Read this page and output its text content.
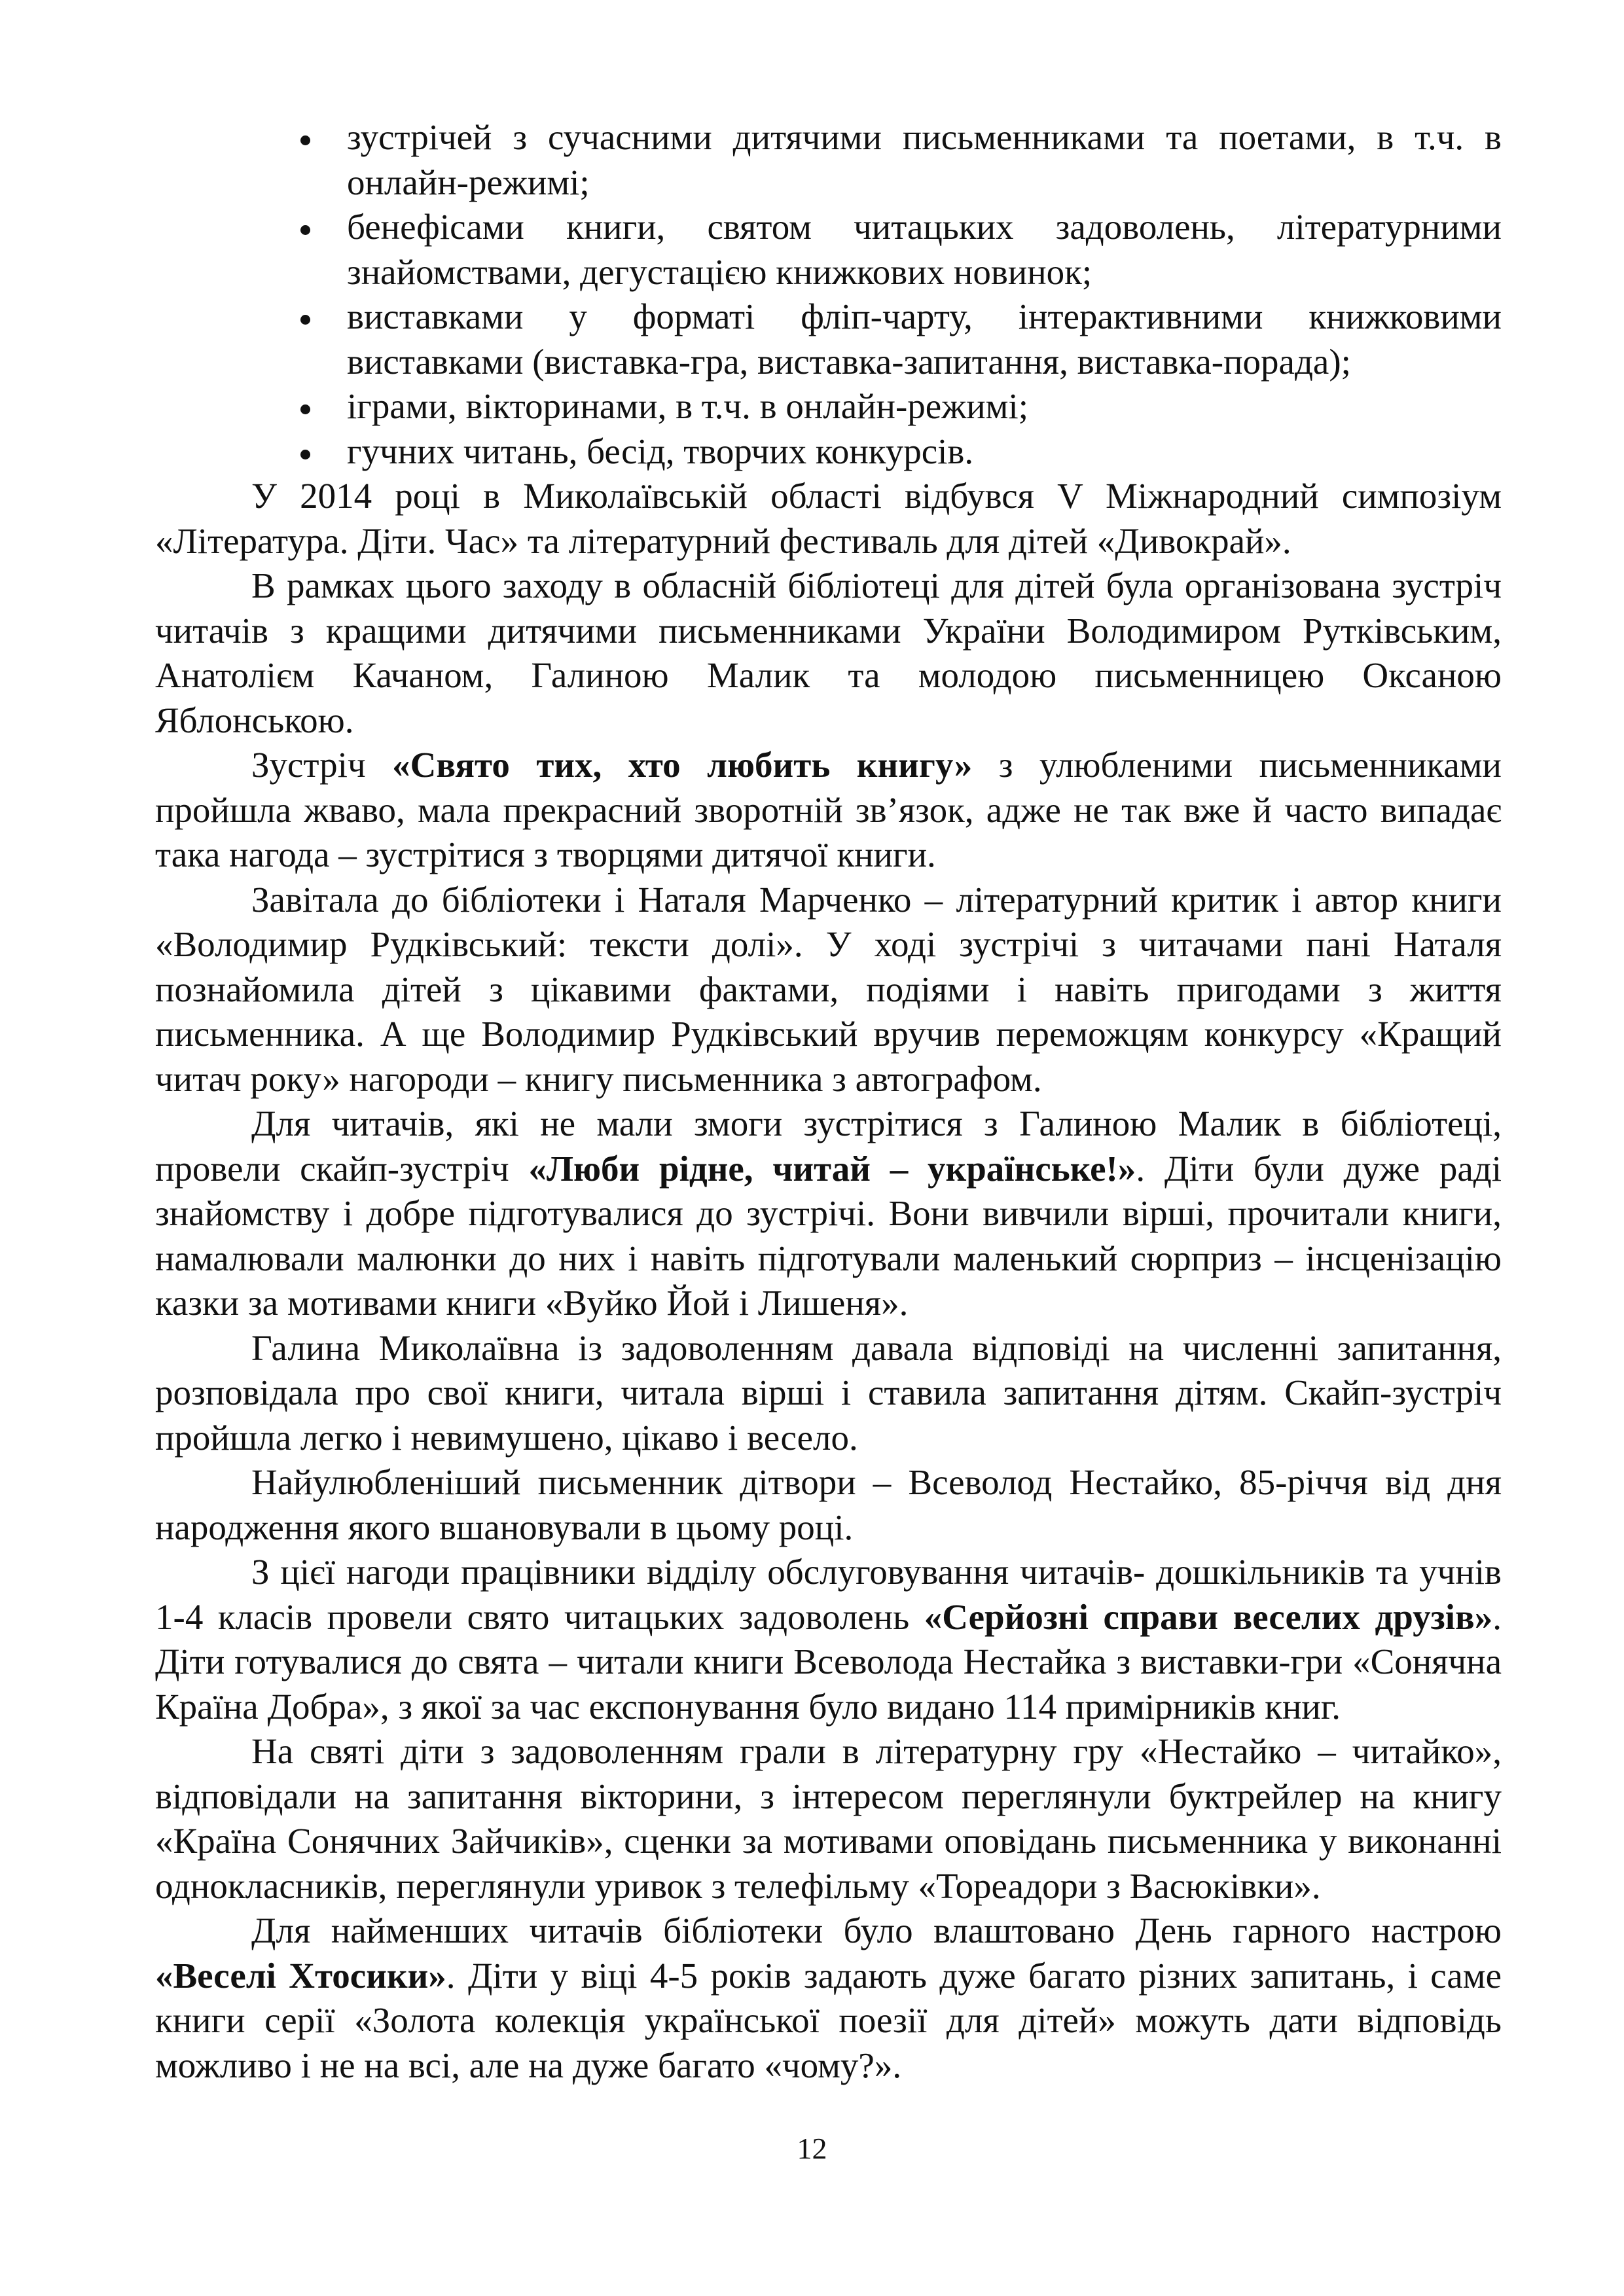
зустрічей з сучасними дитячими письменниками та поетами, в т.ч. в онлайн-режимі;
бенефісами книги, святом читацьких задоволень, літературними знайомствами, дегустацією книжкових новинок;
виставками у форматі фліп-чарту, інтерактивними книжковими виставками (виставка-гра, виставка-запитання, виставка-порада);
іграми, вікторинами, в т.ч. в онлайн-режимі;
гучних читань, бесід, творчих конкурсів.

У 2014 році в Миколаївській області відбувся V Міжнародний симпозіум «Література. Діти. Час» та літературний фестиваль для дітей «Дивокрай».

В рамках цього заходу в обласній бібліотеці для дітей була організована зустріч читачів з кращими дитячими письменниками України Володимиром Рутківським, Анатолієм Качаном, Галиною Малик та молодою письменницею Оксаною Яблонською.

Зустріч «Свято тих, хто любить книгу» з улюбленими письменниками пройшла жваво, мала прекрасний зворотній зв’язок, адже не так вже й часто випадає така нагода – зустрітися з творцями дитячої книги.

Завітала до бібліотеки і Наталя Марченко – літературний критик і автор книги «Володимир Рудківський: тексти долі». У ході зустрічі з читачами пані Наталя познайомила дітей з цікавими фактами, подіями і навіть пригодами з життя письменника. А ще Володимир Рудківський вручив переможцям конкурсу «Кращий читач року» нагороди – книгу письменника з автографом.

Для читачів, які не мали змоги зустрітися з Галиною Малик в бібліотеці, провели скайп-зустріч «Люби рідне, читай – українське!». Діти були дуже раді знайомству і добре підготувалися до зустрічі. Вони вивчили вірші, прочитали книги, намалювали малюнки до них і навіть підготували маленький сюрприз – інсценізацію казки за мотивами книги «Вуйко Йой і Лишеня».

Галина Миколаївна із задоволенням давала відповіді на численні запитання, розповідала про свої книги, читала вірші і ставила запитання дітям. Скайп-зустріч пройшла легко і невимушено, цікаво і весело.

Найулюбленіший письменник дітвори – Всеволод Нестайко, 85-річчя від дня народження якого вшановували в цьому році.

З цієї нагоди працівники відділу обслуговування читачів- дошкільників та учнів 1-4 класів провели свято читацьких задоволень «Серйозні справи веселих друзів». Діти готувалися до свята – читали книги Всеволода Нестайка з виставки-гри «Сонячна Країна Добра», з якої за час експонування було видано 114 примірників книг.

На святі діти з задоволенням грали в літературну гру «Нестайко – читайко», відповідали на запитання вікторини, з інтересом переглянули буктрейлер на книгу «Країна Сонячних Зайчиків», сценки за мотивами оповідань письменника у виконанні однокласників, переглянули уривок з телефільму «Тореадори з Васюківки».

Для найменших читачів бібліотеки було влаштовано День гарного настрою «Веселі Хтосики». Діти у віці 4-5 років задають дуже багато різних запитань, і саме книги серії «Золота колекція української поезії для дітей» можуть дати відповідь можливо і не на всі, але на дуже багато «чому?».

12
